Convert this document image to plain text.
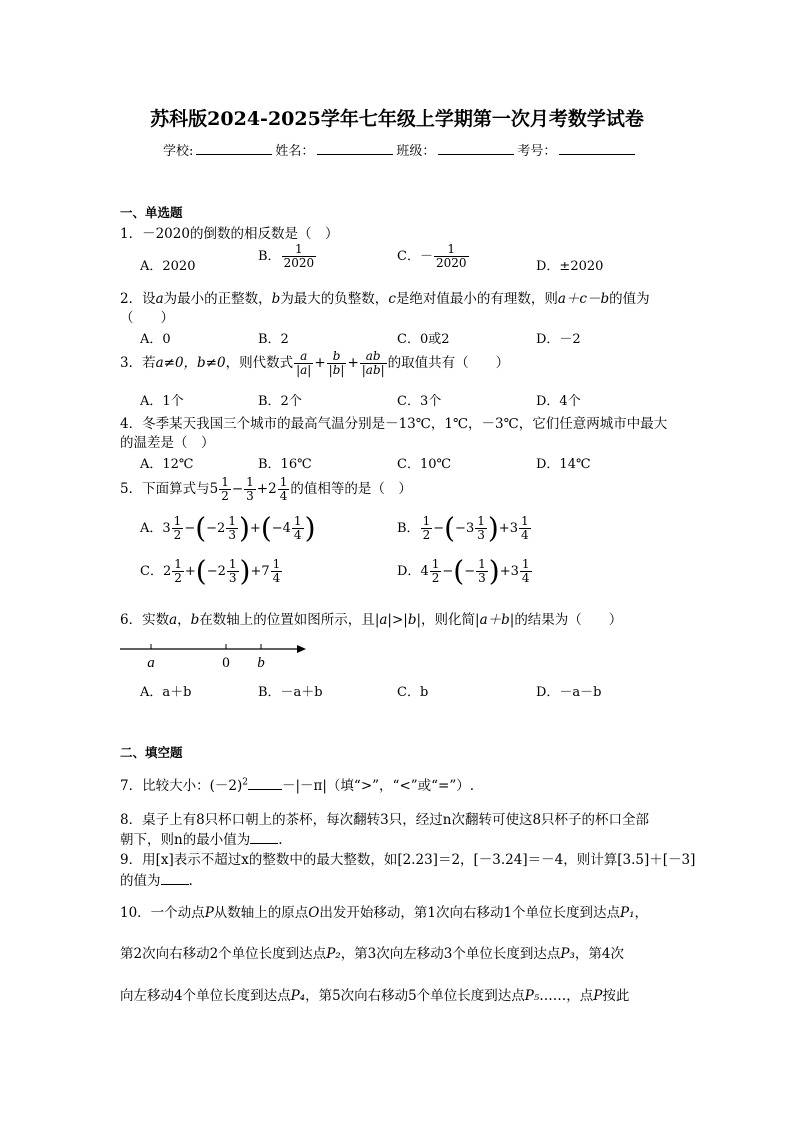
苏科版2024-2025学年七年级上学期第一次月考数学试卷
学校:	姓名：	班级：	考号：
一、单选题
1．－2020的倒数的相反数是（　）
A．2020
B． $\frac{1}{2020}$	C．－ $\frac{1}{2020}$	D．±2020
2．设a为最小的正整数，b为最大的负整数，c是绝对值最小的有理数，则a＋c－b的值为
（　　）
A．0	B．2	C．0或2	D．－2
3．若a≠0，b≠0，则代数式 $\frac{a}{|a|} + \frac{b}{|b|} + \frac{ab}{|ab|}$ 的取值共有（　　）
A．1个	B．2个	C．3个	D．4个
4．冬季某天我国三个城市的最高气温分别是－13℃，1℃，－3℃，它们任意两城市中最大
的温差是（　）
A．12℃	B．16℃	C．10℃	D．14℃
5．下面算式与$5 \frac{1}{2} - \frac{1}{3} +2 \frac{1}{4}$ 的值相等的是（　）
A．$3 \frac{1}{2} -(-2 \frac{1}{3} )+(-4 \frac{1}{4}$ )	B． $\frac{1}{2} -(-3 \frac{1}{3} )+3 \frac{1}{4}$
C．$2 \frac{1}{2} +(-2 \frac{1}{3} )+7 \frac{1}{4}$	D．$4 \frac{1}{2}$ −(− $\frac{1}{3} )+3 \frac{1}{4}$
6．实数a，b在数轴上的位置如图所示，且|a|>|b|，则化简|a＋b|的结果为（　　）
a	0 b
A．a＋b	B．－a＋b	C．b	D．－a－b
二、填空题
7．比较大小：$(-2)^2$	－|－π|（填“>”，“<”或“=”）.
8．桌子上有8只杯口朝上的茶杯，每次翻转3只，经过n次翻转可使这8只杯子的杯口全部
朝下，则n的最小值为 .
9．用[x]表示不超过x的整数中的最大整数，如[2.23]＝2，[－3.24]＝－4，则计算[3.5]＋[－3]
的值为 .
10．一个动点P从数轴上的原点O出发开始移动，第1次向右移动1个单位长度到达点P₁，
第2次向右移动2个单位长度到达点P₂，第3次向左移动3个单位长度到达点P₃，第4次
向左移动4个单位长度到达点P₄，第5次向右移动5个单位长度到达点P₅……，点P按此
